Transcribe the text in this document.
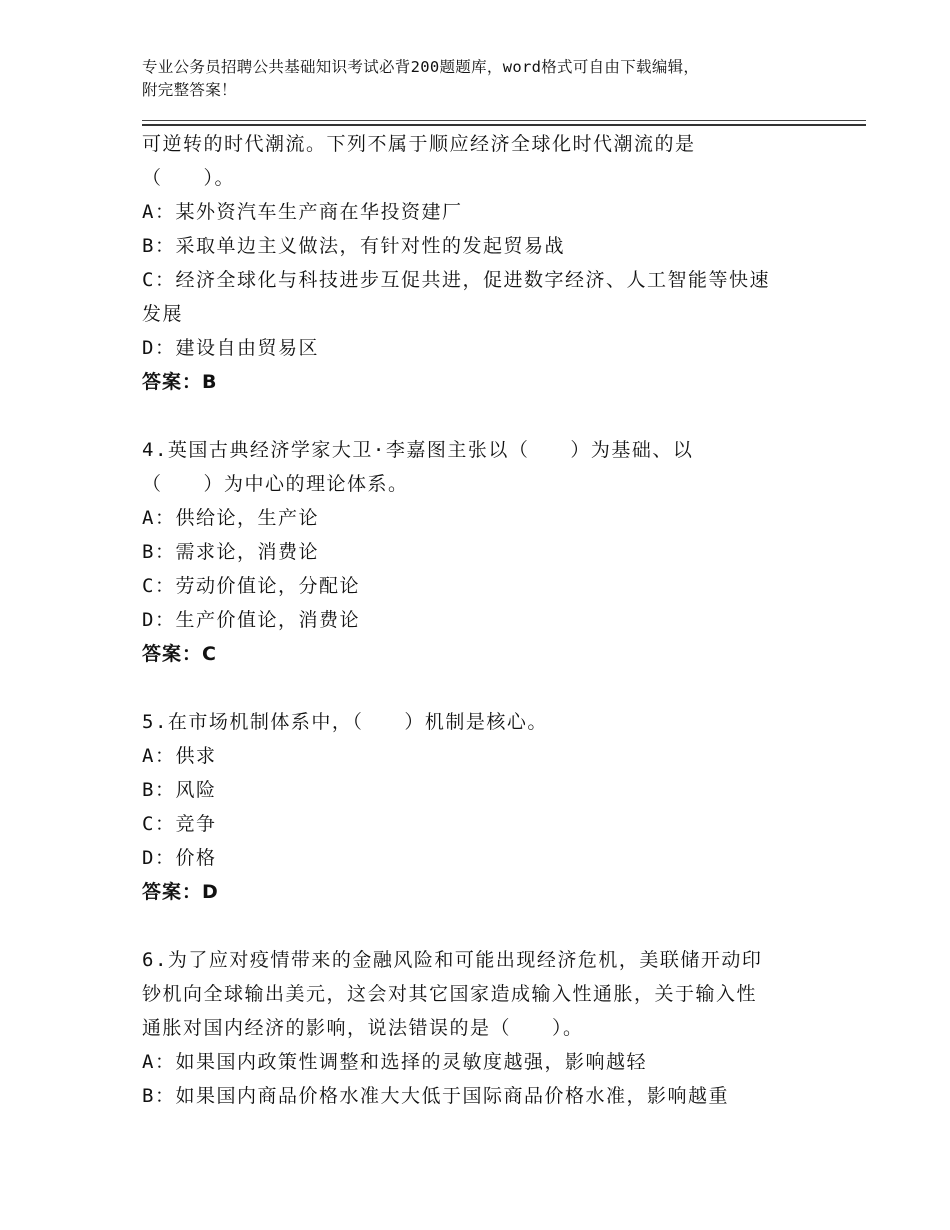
专业公务员招聘公共基础知识考试必背200题题库，word格式可自由下载编辑，
附完整答案！
可逆转的时代潮流。下列不属于顺应经济全球化时代潮流的是
（　　）。
A：某外资汽车生产商在华投资建厂
B：采取单边主义做法，有针对性的发起贸易战
C：经济全球化与科技进步互促共进，促进数字经济、人工智能等快速
发展
D：建设自由贸易区
答案：B
4.英国古典经济学家大卫·李嘉图主张以（　　）为基础、以
（　　）为中心的理论体系。
A：供给论，生产论
B：需求论，消费论
C：劳动价值论，分配论
D：生产价值论，消费论
答案：C
5.在市场机制体系中，（　　）机制是核心。
A：供求
B：风险
C：竞争
D：价格
答案：D
6.为了应对疫情带来的金融风险和可能出现经济危机，美联储开动印
钞机向全球输出美元，这会对其它国家造成输入性通胀，关于输入性
通胀对国内经济的影响，说法错误的是（　　）。
A：如果国内政策性调整和选择的灵敏度越强，影响越轻
B：如果国内商品价格水准大大低于国际商品价格水准，影响越重
